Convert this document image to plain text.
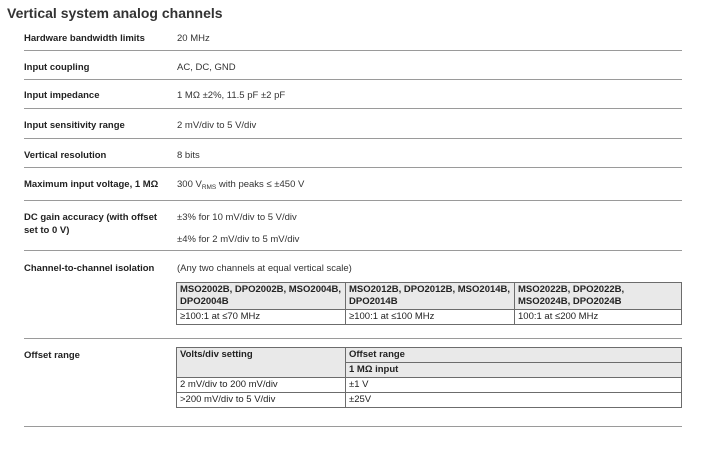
Vertical system analog channels
Hardware bandwidth limits	20 MHz
Input coupling	AC, DC, GND
Input impedance	1 MΩ ±2%, 11.5 pF ±2 pF
Input sensitivity range	2 mV/div to 5 V/div
Vertical resolution	8 bits
Maximum input voltage, 1 MΩ	300 $V_{RMS}$ with peaks ≤ ±450 V
DC gain accuracy (with offset set to 0 V)
±3% for 10 mV/div to 5 V/div
±4% for 2 mV/div to 5 mV/div
Channel-to-channel isolation	(Any two channels at equal vertical scale)
MSO2002B, DPO2002B, MSO2004B, DPO2004B	MSO2012B, DPO2012B, MSO2014B, DPO2014B	MSO2022B, DPO2022B, MSO2024B, DPO2024B
≥100:1 at ≤70 MHz	≥100:1 at ≤100 MHz	100:1 at ≤200 MHz
Offset range	Volts/div setting	Offset range
	1 MΩ input
2 mV/div to 200 mV/div	±1 V
>200 mV/div to 5 V/div	±25V
